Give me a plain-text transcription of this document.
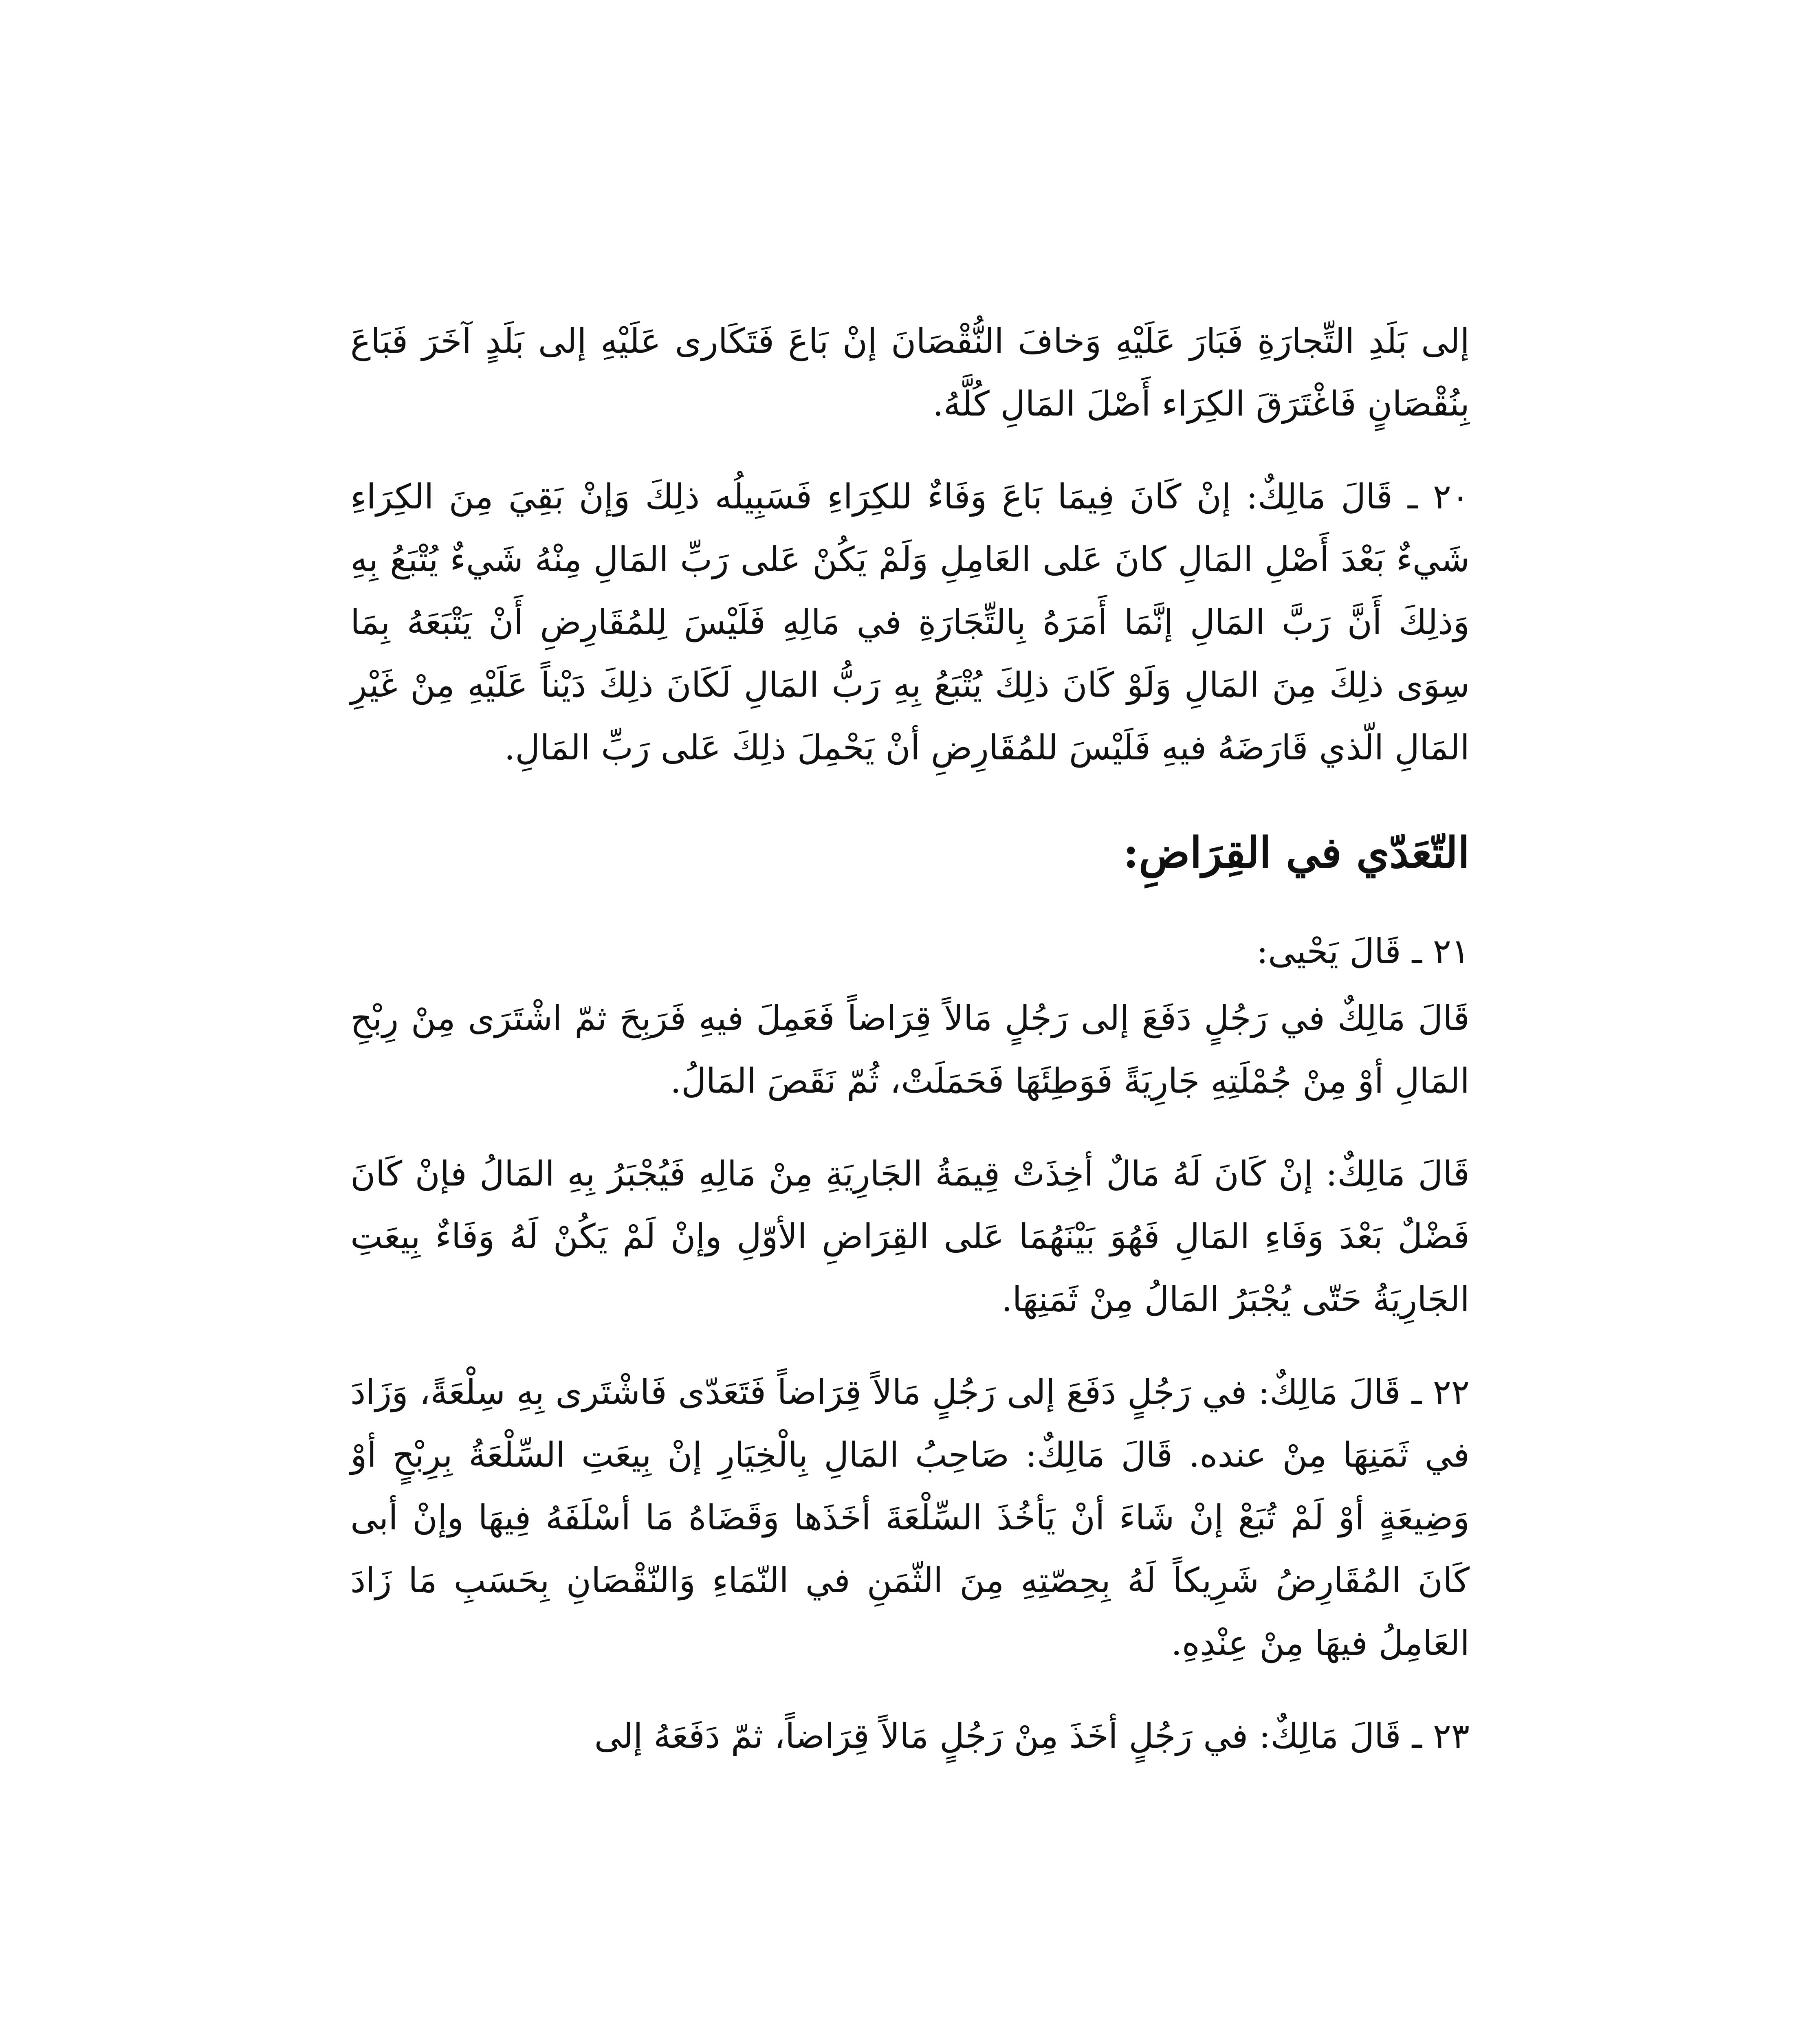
إلى بَلَدِ التِّجارَةِ فَبَارَ عَلَيْهِ وَخافَ النُّقْصَانَ إنْ بَاعَ فَتَكَارى عَلَيْهِ إلى بَلَدٍ آخَرَ فَبَاعَ بِنُقْصَانٍ فَاغْتَرَقَ الكِرَاء أَصْلَ المَالِ كُلَّهُ.

٢٠ ـ قَالَ مَالِكٌ: إنْ كَانَ فِيمَا بَاعَ وَفَاءٌ للكِرَاءِ فَسَبِيلُه ذلِكَ وَإنْ بَقِيَ مِنَ الكِرَاءِ شَيءٌ بَعْدَ أَصْلِ المَالِ كانَ عَلى العَامِلِ وَلَمْ يَكُنْ عَلى رَبِّ المَالِ مِنْهُ شَيءٌ يُتْبَعُ بِهِ وَذلِكَ أَنَّ رَبَّ المَالِ إنَّمَا أَمَرَهُ بِالتِّجَارَةِ في مَالِهِ فَلَيْسَ لِلمُقَارِضِ أَنْ يَتْبَعَهُ بِمَا سِوَى ذلِكَ مِنَ المَالِ وَلَوْ كَانَ ذلِكَ يُتْبَعُ بِهِ رَبُّ المَالِ لَكَانَ ذلِكَ دَيْناً عَلَيْهِ مِنْ غَيْرِ المَالِ الّذي قَارَضَهُ فيهِ فَلَيْسَ للمُقَارِضِ أنْ يَحْمِلَ ذلِكَ عَلى رَبِّ المَالِ.

التّعَدّي في القِرَاضِ:

٢١ ـ قَالَ يَحْيى:

قَالَ مَالِكٌ في رَجُلٍ دَفَعَ إلى رَجُلٍ مَالاً قِرَاضاً فَعَمِلَ فيهِ فَرَبِحَ ثمّ اشْتَرَى مِنْ رِبْحِ المَالِ أوْ مِنْ جُمْلَتِهِ جَارِيَةً فَوَطِئَهَا فَحَمَلَتْ، ثُمّ نَقَصَ المَالُ.

قَالَ مَالِكٌ: إنْ كَانَ لَهُ مَالٌ أخِذَتْ قِيمَةُ الجَارِيَةِ مِنْ مَالِهِ فَيُجْبَرُ بِهِ المَالُ فإنْ كَانَ فَضْلٌ بَعْدَ وَفَاءِ المَالِ فَهُوَ بَيْنَهُمَا عَلى القِرَاضِ الأوّلِ وإنْ لَمْ يَكُنْ لَهُ وَفَاءٌ بِيعَتِ الجَارِيَةُ حَتّى يُجْبَرُ المَالُ مِنْ ثَمَنِهَا.

٢٢ ـ قَالَ مَالِكٌ: في رَجُلٍ دَفَعَ إلى رَجُلٍ مَالاً قِرَاضاً فَتَعَدّى فَاشْتَرى بِهِ سِلْعَةً، وَزَادَ في ثَمَنِهَا مِنْ عنده. قَالَ مَالِكٌ: صَاحِبُ المَالِ بِالْخِيَارِ إنْ بِيعَتِ السِّلْعَةُ بِرِبْحٍ أوْ وَضِيعَةٍ أوْ لَمْ تُبَعْ إنْ شَاءَ أنْ يَأخُذَ السِّلْعَةَ أخَذَها وَقَضَاهُ مَا أسْلَفَهُ فِيهَا وإنْ أبى كَانَ المُقَارِضُ شَرِيكاً لَهُ بِحِصّتِهِ مِنَ الثّمَنِ في النّمَاءِ وَالنّقْصَانِ بِحَسَبِ مَا زَادَ العَامِلُ فيهَا مِنْ عِنْدِهِ.

٢٣ ـ قَالَ مَالِكٌ: في رَجُلٍ أخَذَ مِنْ رَجُلٍ مَالاً قِرَاضاً، ثمّ دَفَعَهُ إلى
